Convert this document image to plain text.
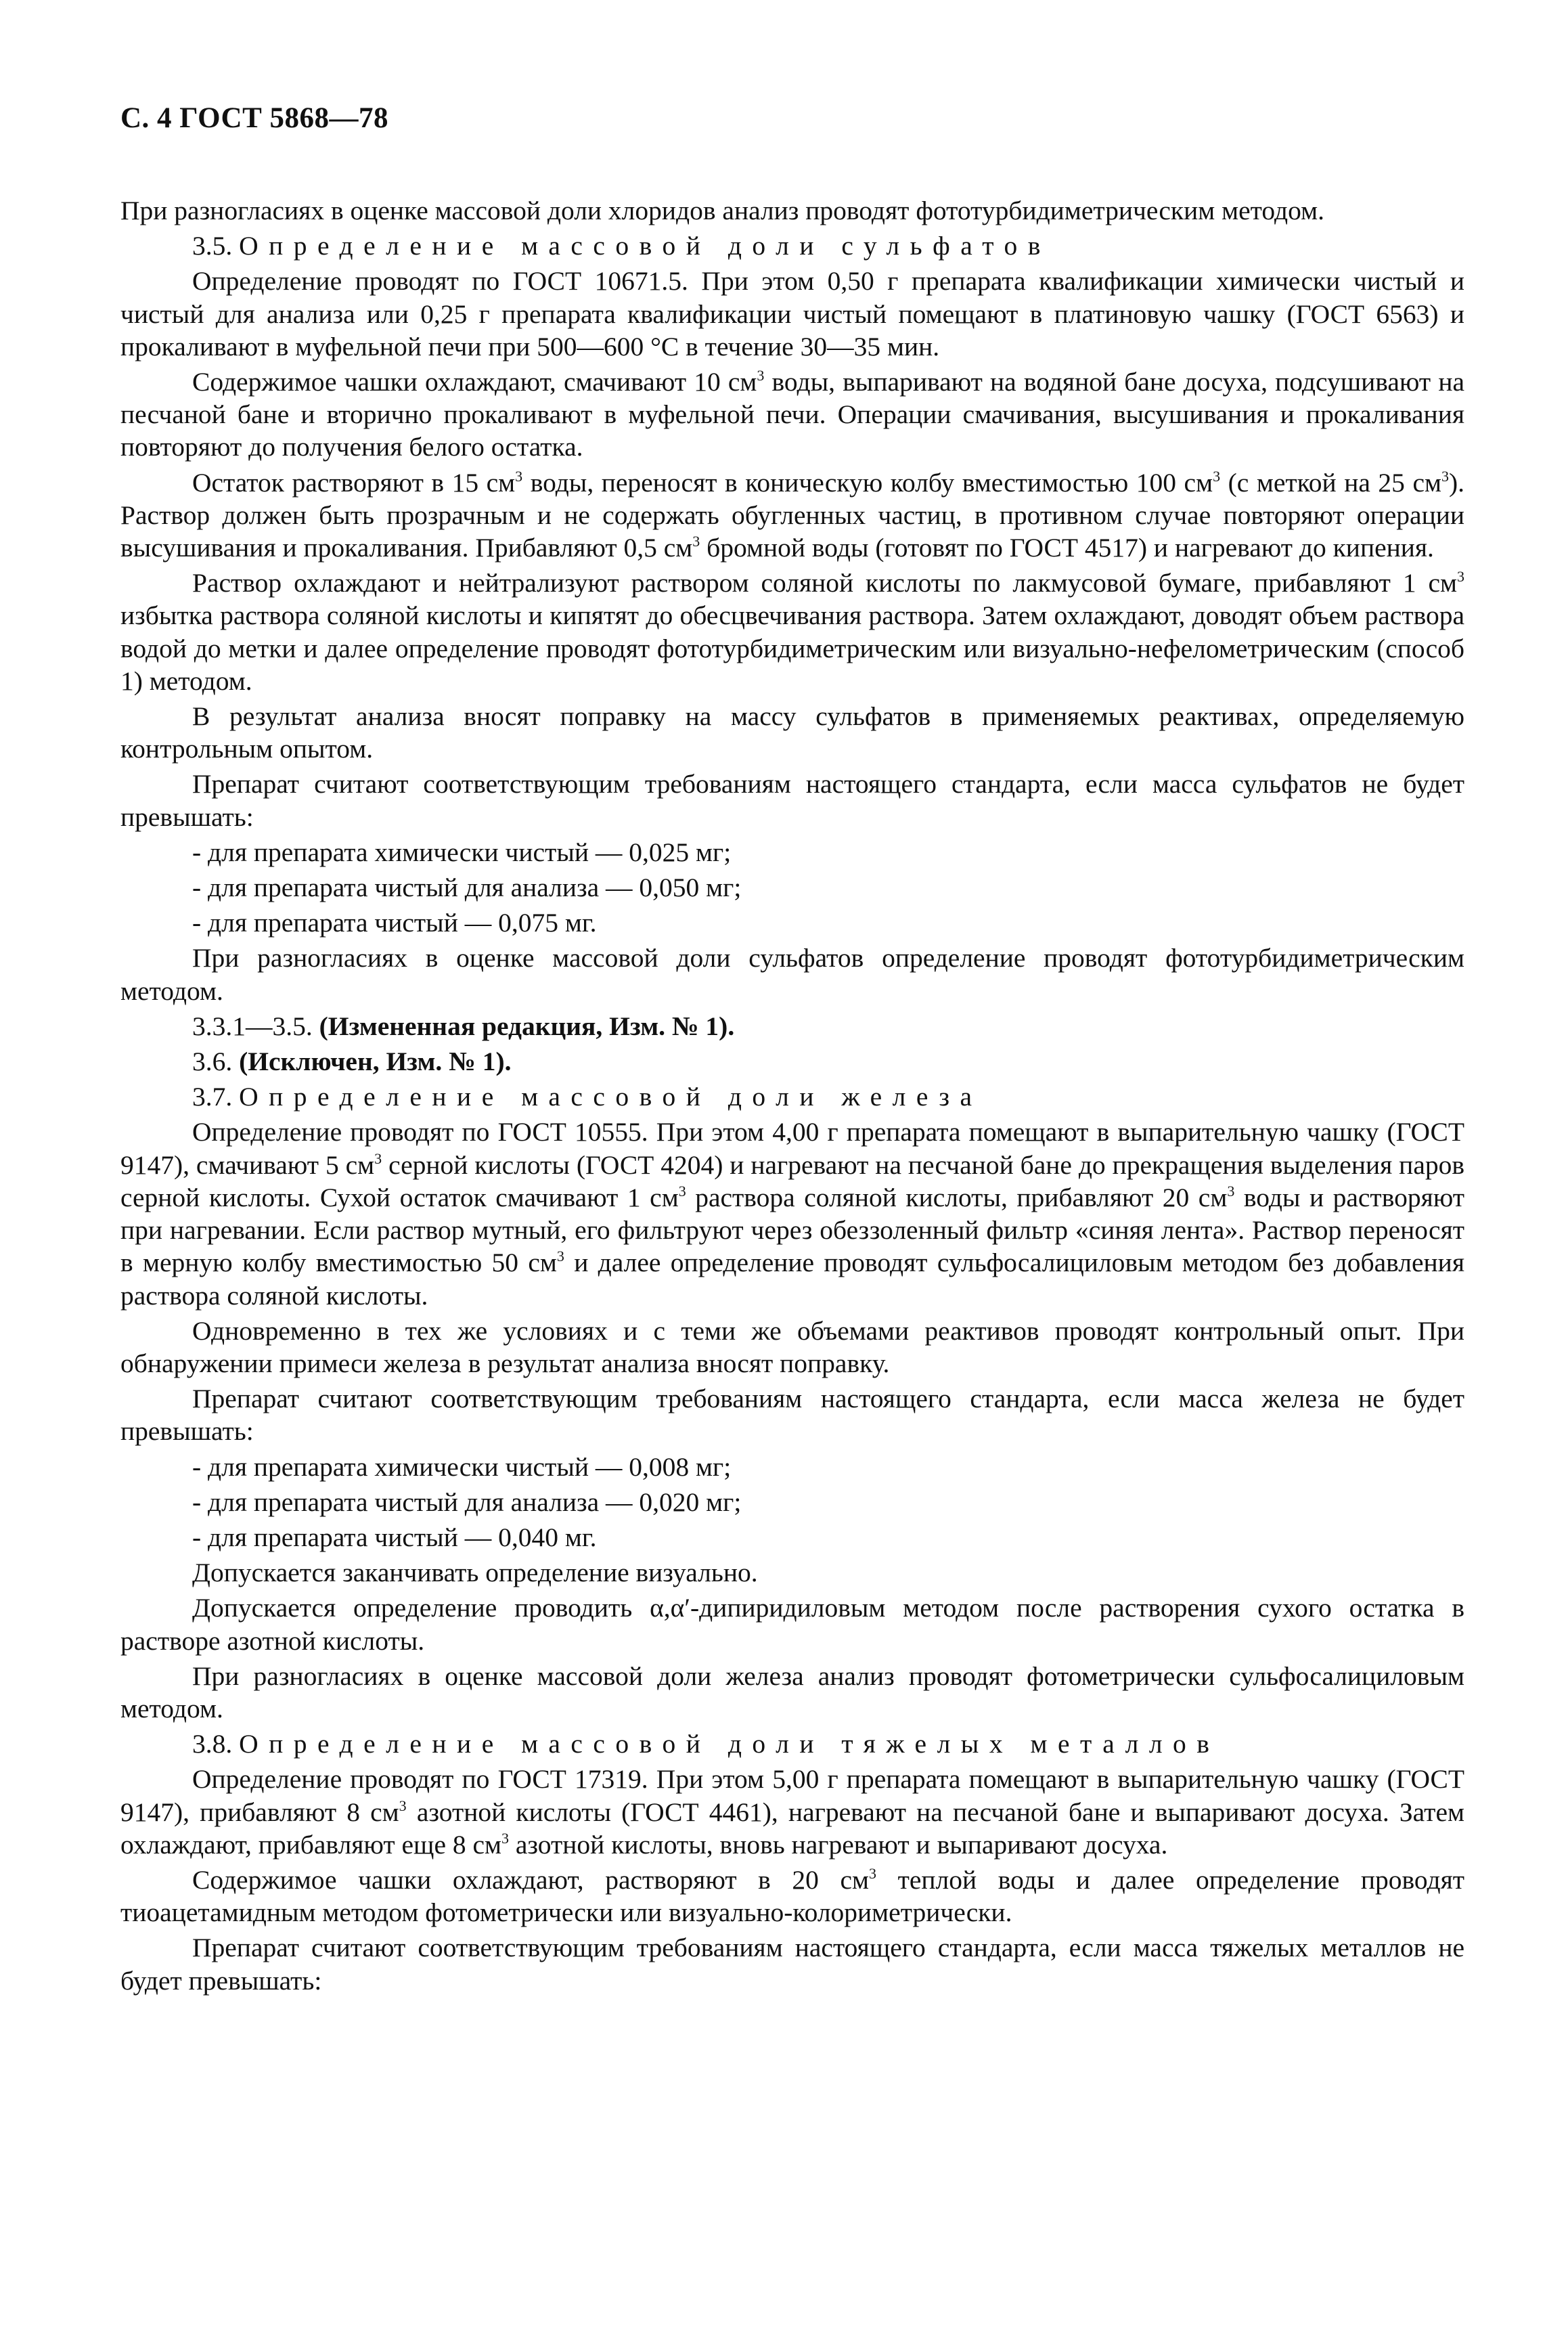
С. 4 ГОСТ 5868—78
При разногласиях в оценке массовой доли хлоридов анализ проводят фототурбидиметрическим методом.
3.5. Определение массовой доли сульфатов
Определение проводят по ГОСТ 10671.5. При этом 0,50 г препарата квалификации химически чистый и чистый для анализа или 0,25 г препарата квалификации чистый помещают в платиновую чашку (ГОСТ 6563) и прокаливают в муфельной печи при 500—600 °С в течение 30—35 мин.
Содержимое чашки охлаждают, смачивают 10 $см^3$ воды, выпаривают на водяной бане досуха, подсушивают на песчаной бане и вторично прокаливают в муфельной печи. Операции смачивания, высушивания и прокаливания повторяют до получения белого остатка.
Остаток растворяют в 15 $см^3$ воды, переносят в коническую колбу вместимостью 100 $см^3$ (с меткой на 25 $см^3$). Раствор должен быть прозрачным и не содержать обугленных частиц, в противном случае повторяют операции высушивания и прокаливания. Прибавляют 0,5 $см^3$ бромной воды (готовят по ГОСТ 4517) и нагревают до кипения.
Раствор охлаждают и нейтрализуют раствором соляной кислоты по лакмусовой бумаге, прибавляют 1 $см^3$ избытка раствора соляной кислоты и кипятят до обесцвечивания раствора. Затем охлаждают, доводят объем раствора водой до метки и далее определение проводят фототурбидиметрическим или визуально-нефелометрическим (способ 1) методом.
В результат анализа вносят поправку на массу сульфатов в применяемых реактивах, определяемую контрольным опытом.
Препарат считают соответствующим требованиям настоящего стандарта, если масса сульфатов не будет превышать:
- для препарата химически чистый — 0,025 мг;
- для препарата чистый для анализа — 0,050 мг;
- для препарата чистый — 0,075 мг.
При разногласиях в оценке массовой доли сульфатов определение проводят фототурбидиметрическим методом.
3.3.1—3.5. (Измененная редакция, Изм. № 1).
3.6. (Исключен, Изм. № 1).
3.7. Определение массовой доли железа
Определение проводят по ГОСТ 10555. При этом 4,00 г препарата помещают в выпарительную чашку (ГОСТ 9147), смачивают 5 $см^3$ серной кислоты (ГОСТ 4204) и нагревают на песчаной бане до прекращения выделения паров серной кислоты. Сухой остаток смачивают 1 $см^3$ раствора соляной кислоты, прибавляют 20 $см^3$ воды и растворяют при нагревании. Если раствор мутный, его фильтруют через обеззоленный фильтр «синяя лента». Раствор переносят в мерную колбу вместимостью 50 $см^3$ и далее определение проводят сульфосалициловым методом без добавления раствора соляной кислоты.
Одновременно в тех же условиях и с теми же объемами реактивов проводят контрольный опыт. При обнаружении примеси железа в результат анализа вносят поправку.
Препарат считают соответствующим требованиям настоящего стандарта, если масса железа не будет превышать:
- для препарата химически чистый — 0,008 мг;
- для препарата чистый для анализа — 0,020 мг;
- для препарата чистый — 0,040 мг.
Допускается заканчивать определение визуально.
Допускается определение проводить α,α′-дипиридиловым методом после растворения сухого остатка в растворе азотной кислоты.
При разногласиях в оценке массовой доли железа анализ проводят фотометрически сульфосалициловым методом.
3.8. Определение массовой доли тяжелых металлов
Определение проводят по ГОСТ 17319. При этом 5,00 г препарата помещают в выпарительную чашку (ГОСТ 9147), прибавляют 8 $см^3$ азотной кислоты (ГОСТ 4461), нагревают на песчаной бане и выпаривают досуха. Затем охлаждают, прибавляют еще 8 $см^3$ азотной кислоты, вновь нагревают и выпаривают досуха.
Содержимое чашки охлаждают, растворяют в 20 $см^3$ теплой воды и далее определение проводят тиоацетамидным методом фотометрически или визуально-колориметрически.
Препарат считают соответствующим требованиям настоящего стандарта, если масса тяжелых металлов не будет превышать:
